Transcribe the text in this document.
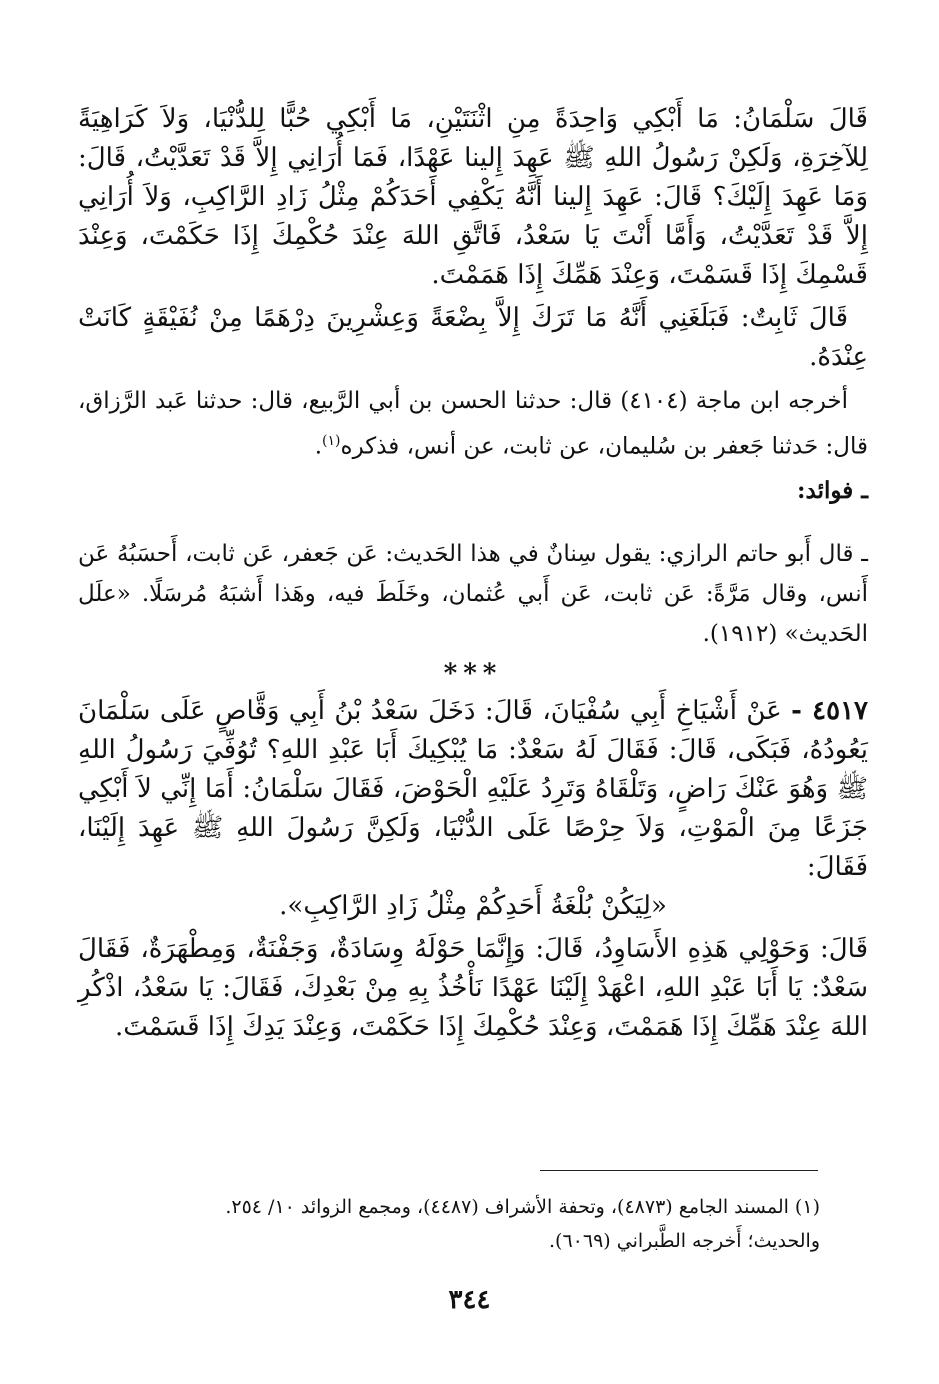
قَالَ سَلْمَانُ: مَا أَبْكِي وَاحِدَةً مِنِ اثْنَتَيْنِ، مَا أَبْكِي حُبًّا لِلدُّنْيَا، وَلاَ كَرَاهِيَةً لِلآخِرَةِ، وَلَكِنْ رَسُولُ اللهِ ﷺ عَهِدَ إِلينا عَهْدًا، فَمَا أُرَانِي إِلاَّ قَدْ تَعَدَّيْتُ، قَالَ: وَمَا عَهِدَ إِلَيْكَ؟ قَالَ: عَهِدَ إِلينا أَنَّهُ يَكْفِي أَحَدَكُمْ مِثْلُ زَادِ الرَّاكِبِ، وَلاَ أُرَانِي إِلاَّ قَدْ تَعَدَّيْتُ، وَأَمَّا أَنْتَ يَا سَعْدُ، فَاتَّقِ اللهَ عِنْدَ حُكْمِكَ إِذَا حَكَمْتَ، وَعِنْدَ قَسْمِكَ إِذَا قَسَمْتَ، وَعِنْدَ هَمِّكَ إِذَا هَمَمْتَ.

قَالَ ثَابِتٌ: فَبَلَغَنِي أَنَّهُ مَا تَرَكَ إِلاَّ بِضْعَةً وَعِشْرِينَ دِرْهَمًا مِنْ نُفَيْقَةٍ كَانَتْ عِنْدَهُ.

أخرجه ابن ماجة (٤١٠٤) قال: حدثنا الحسن بن أبي الرَّبيع، قال: حدثنا عَبد الرَّزاق، قال: حَدثنا جَعفر بن سُليمان، عن ثابت، عن أنس، فذكره$^{(١)}$.

ـ فوائد:

ـ قال أَبو حاتم الرازي: يقول سِنانٌ في هذا الحَديث: عَن جَعفر، عَن ثابت، أَحسَبُهُ عَن أَنس، وقال مَرَّةً: عَن ثابت، عَن أَبي عُثمان، وخَلَطَ فيه، وهَذا أَشبَهُ مُرسَلًا. «علَل الحَديث» (١٩١٢).

***

٤٥١٧ - عَنْ أَشْيَاخِ أَبِي سُفْيَانَ، قَالَ: دَخَلَ سَعْدُ بْنُ أَبِي وَقَّاصٍ عَلَى سَلْمَانَ يَعُودُهُ، فَبَكَى، قَالَ: فَقَالَ لَهُ سَعْدٌ: مَا يُبْكِيكَ أَبَا عَبْدِ اللهِ؟ تُوُفِّيَ رَسُولُ اللهِ ﷺ وَهُوَ عَنْكَ رَاضٍ، وَتَلْقَاهُ وَتَرِدُ عَلَيْهِ الْحَوْضَ، فَقَالَ سَلْمَانُ: أَمَا إِنِّي لاَ أَبْكِي جَزَعًا مِنَ الْمَوْتِ، وَلاَ حِرْصًا عَلَى الدُّنْيَا، وَلَكِنَّ رَسُولَ اللهِ ﷺ عَهِدَ إِلَيْنَا، فَقَالَ:

«لِيَكُنْ بُلْغَةُ أَحَدِكُمْ مِثْلُ زَادِ الرَّاكِبِ».

قَالَ: وَحَوْلِي هَذِهِ الأَسَاوِدُ، قَالَ: وَإِنَّمَا حَوْلَهُ وِسَادَةٌ، وَجَفْنَةٌ، وَمِطْهَرَةٌ، فَقَالَ سَعْدٌ: يَا أَبَا عَبْدِ اللهِ، اعْهَدْ إِلَيْنَا عَهْدًا نَأْخُذُ بِهِ مِنْ بَعْدِكَ، فَقَالَ: يَا سَعْدُ، اذْكُرِ اللهَ عِنْدَ هَمِّكَ إِذَا هَمَمْتَ، وَعِنْدَ حُكْمِكَ إِذَا حَكَمْتَ، وَعِنْدَ يَدِكَ إِذَا قَسَمْتَ.

(١) المسند الجامع (٤٨٧٣)، وتحفة الأشراف (٤٤٨٧)، ومجمع الزوائد ١٠/ ٢٥٤.

والحديث؛ أَخرجه الطَّبراني (٦٠٦٩).

٣٤٤
